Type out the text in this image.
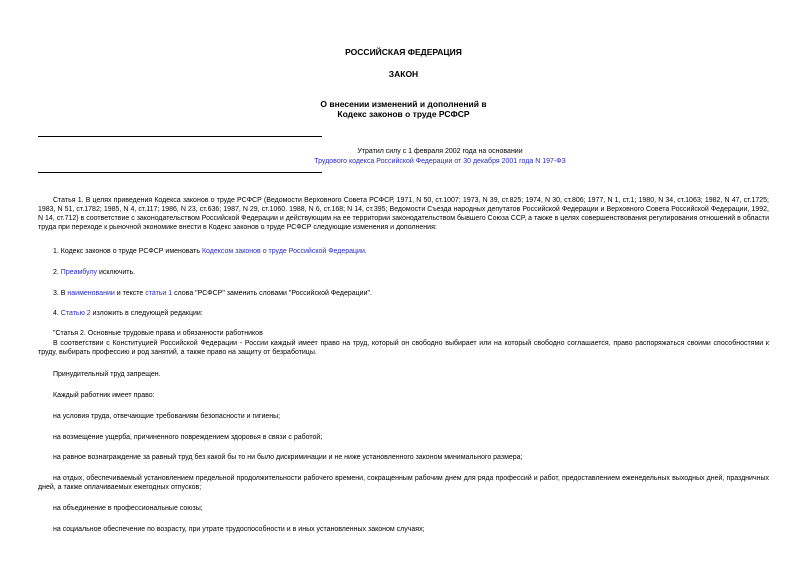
РОССИЙСКАЯ ФЕДЕРАЦИЯ
ЗАКОН
О внесении изменений и дополнений в
Кодекс законов о труде РСФСР
Утратил силу с 1 февраля 2002 года на основании
Трудового кодекса Российской Федерации от 30 декабря 2001 года N 197-ФЗ
Статья 1. В целях приведения Кодекса законов о труде РСФСР (Ведомости Верховного Совета РСФСР, 1971, N 50, ст.1007; 1973, N 39, ст.825; 1974, N 30, ст.806; 1977, N 1, ст.1; 1980, N 34, ст.1063; 1982, N 47, ст.1725; 1983, N 51, ст.1782; 1985, N 4, ст.117; 1986, N 23, ст.636; 1987, N 29, ст.1060. 1988, N 6, ст.168; N 14, ст.395; Ведомости Съезда народных депутатов Российской Федерации и Верховного Совета Российской Федерации, 1992, N 14, ст.712) в соответствие с законодательством Российской Федерации и действующим на ее территории законодательством бывшего Союза ССР, а также в целях совершенствования регулирования отношений в области труда при переходе к рыночной экономике внести в Кодекс законов о труде РСФСР следующие изменения и дополнения:
1. Кодекс законов о труде РСФСР именовать Кодексом законов о труде Российской Федерации.
2. Преамбулу исключить.
3. В наименовании и тексте статьи 1 слова "РСФСР" заменить словами "Российской Федерации".
4. Статью 2 изложить в следующей редакции:
"Статья 2. Основные трудовые права и обязанности работников
В соответствии с Конституцией Российской Федерации - России каждый имеет право на труд, который он свободно выбирает или на который свободно соглашается, право распоряжаться своими способностями к труду, выбирать профессию и род занятий, а также право на защиту от безработицы.
Принудительный труд запрещен.
Каждый работник имеет право:
на условия труда, отвечающие требованиям безопасности и гигиены;
на возмещение ущерба, причиненного повреждением здоровья в связи с работой;
на равное вознаграждение за равный труд без какой бы то ни было дискриминации и не ниже установленного законом минимального размера;
на отдых, обеспечиваемый установлением предельной продолжительности рабочего времени, сокращенным рабочим днем для ряда профессий и работ, предоставлением еженедельных выходных дней, праздничных дней, а также оплачиваемых ежегодных отпусков;
на объединение в профессиональные союзы;
на социальное обеспечение по возрасту, при утрате трудоспособности и в иных установленных законом случаях;
